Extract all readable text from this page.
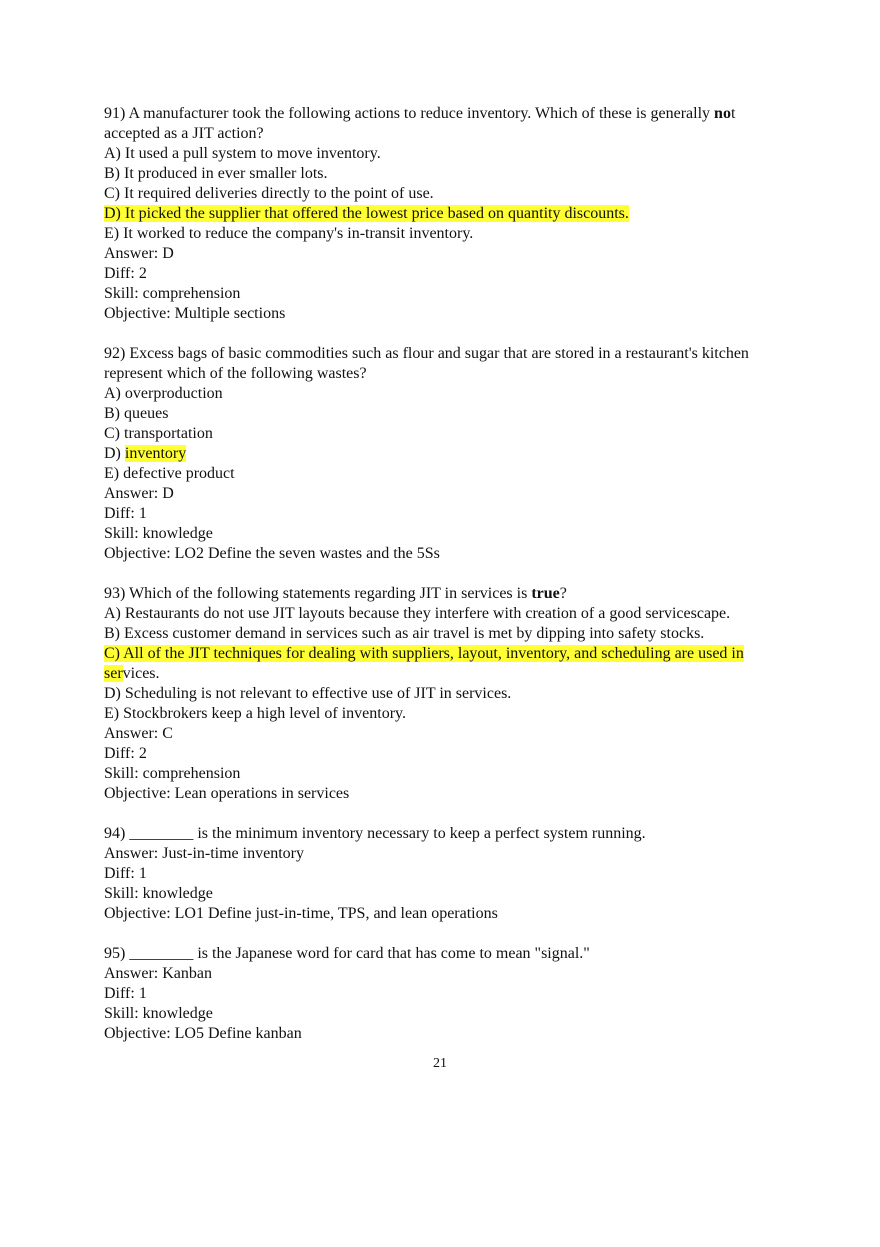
91) A manufacturer took the following actions to reduce inventory. Which of these is generally not accepted as a JIT action?
A) It used a pull system to move inventory.
B) It produced in ever smaller lots.
C) It required deliveries directly to the point of use.
D) It picked the supplier that offered the lowest price based on quantity discounts.
E) It worked to reduce the company's in-transit inventory.
Answer: D
Diff: 2
Skill: comprehension
Objective: Multiple sections
92) Excess bags of basic commodities such as flour and sugar that are stored in a restaurant's kitchen represent which of the following wastes?
A) overproduction
B) queues
C) transportation
D) inventory
E) defective product
Answer: D
Diff: 1
Skill: knowledge
Objective: LO2 Define the seven wastes and the 5Ss
93) Which of the following statements regarding JIT in services is true?
A) Restaurants do not use JIT layouts because they interfere with creation of a good servicescape.
B) Excess customer demand in services such as air travel is met by dipping into safety stocks.
C) All of the JIT techniques for dealing with suppliers, layout, inventory, and scheduling are used in services.
D) Scheduling is not relevant to effective use of JIT in services.
E) Stockbrokers keep a high level of inventory.
Answer: C
Diff: 2
Skill: comprehension
Objective: Lean operations in services
94) ________ is the minimum inventory necessary to keep a perfect system running.
Answer: Just-in-time inventory
Diff: 1
Skill: knowledge
Objective: LO1 Define just-in-time, TPS, and lean operations
95) ________ is the Japanese word for card that has come to mean "signal."
Answer: Kanban
Diff: 1
Skill: knowledge
Objective: LO5 Define kanban
21
